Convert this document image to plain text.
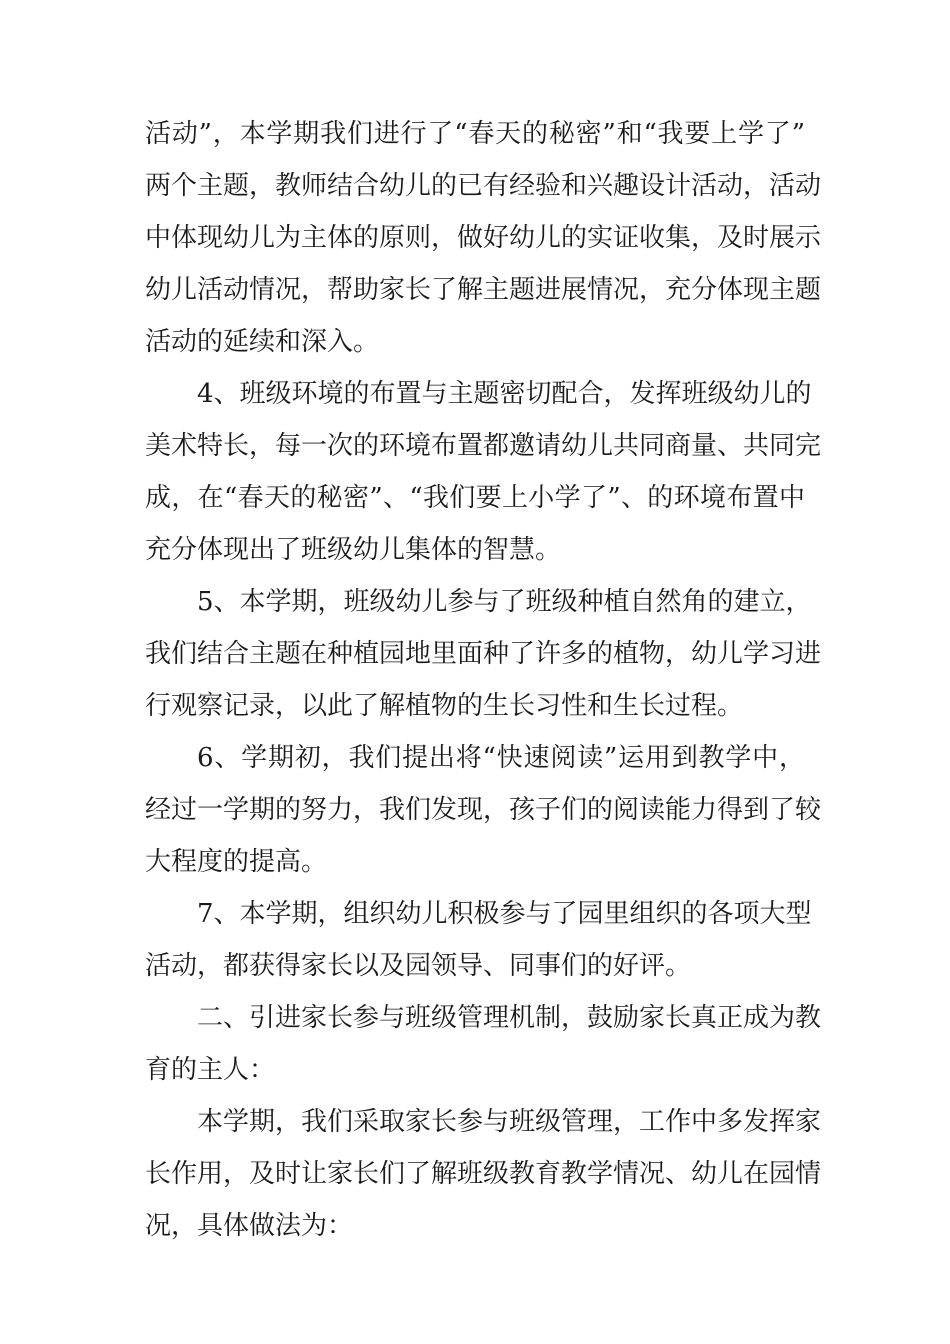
活动”，本学期我们进行了“春天的秘密”和“我要上学了”
两个主题，教师结合幼儿的已有经验和兴趣设计活动，活动
中体现幼儿为主体的原则，做好幼儿的实证收集，及时展示
幼儿活动情况，帮助家长了解主题进展情况，充分体现主题
活动的延续和深入。
4、班级环境的布置与主题密切配合，发挥班级幼儿的
美术特长，每一次的环境布置都邀请幼儿共同商量、共同完
成，在“春天的秘密”、“我们要上小学了”、的环境布置中
充分体现出了班级幼儿集体的智慧。
5、本学期，班级幼儿参与了班级种植自然角的建立，
我们结合主题在种植园地里面种了许多的植物，幼儿学习进
行观察记录，以此了解植物的生长习性和生长过程。
6、学期初，我们提出将“快速阅读”运用到教学中，
经过一学期的努力，我们发现，孩子们的阅读能力得到了较
大程度的提高。
7、本学期，组织幼儿积极参与了园里组织的各项大型
活动，都获得家长以及园领导、同事们的好评。
二、引进家长参与班级管理机制，鼓励家长真正成为教
育的主人：
本学期，我们采取家长参与班级管理，工作中多发挥家
长作用，及时让家长们了解班级教育教学情况、幼儿在园情
况，具体做法为：
